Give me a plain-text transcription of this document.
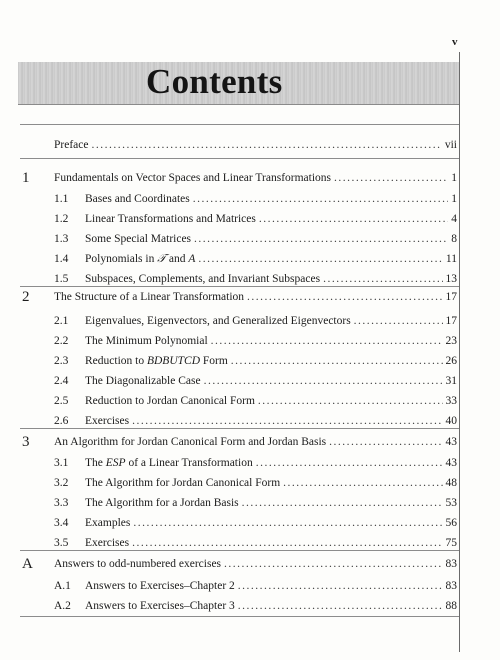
v
Contents
Preface .....	vii
1 Fundamentals on Vector Spaces and Linear Transformations .....	1
1.1	Bases and Coordinates .....	1
1.2	Linear Transformations and Matrices .....	4
1.3	Some Special Matrices .....	8
1.4	Polynomials in 𝒯 and A .....	11
1.5	Subspaces, Complements, and Invariant Subspaces .....	13
2 The Structure of a Linear Transformation .....	17
2.1	Eigenvalues, Eigenvectors, and Generalized Eigenvectors .....	17
2.2	The Minimum Polynomial .....	23
2.3	Reduction to BDBUTCD Form .....	26
2.4	The Diagonalizable Case .....	31
2.5	Reduction to Jordan Canonical Form .....	33
2.6	Exercises .....	40
3 An Algorithm for Jordan Canonical Form and Jordan Basis .....	43
3.1	The ESP of a Linear Transformation .....	43
3.2	The Algorithm for Jordan Canonical Form .....	48
3.3	The Algorithm for a Jordan Basis .....	53
3.4	Examples .....	56
3.5	Exercises .....	75
A Answers to odd-numbered exercises .....	83
A.1	Answers to Exercises–Chapter 2 .....	83
A.2	Answers to Exercises–Chapter 3 .....	88
